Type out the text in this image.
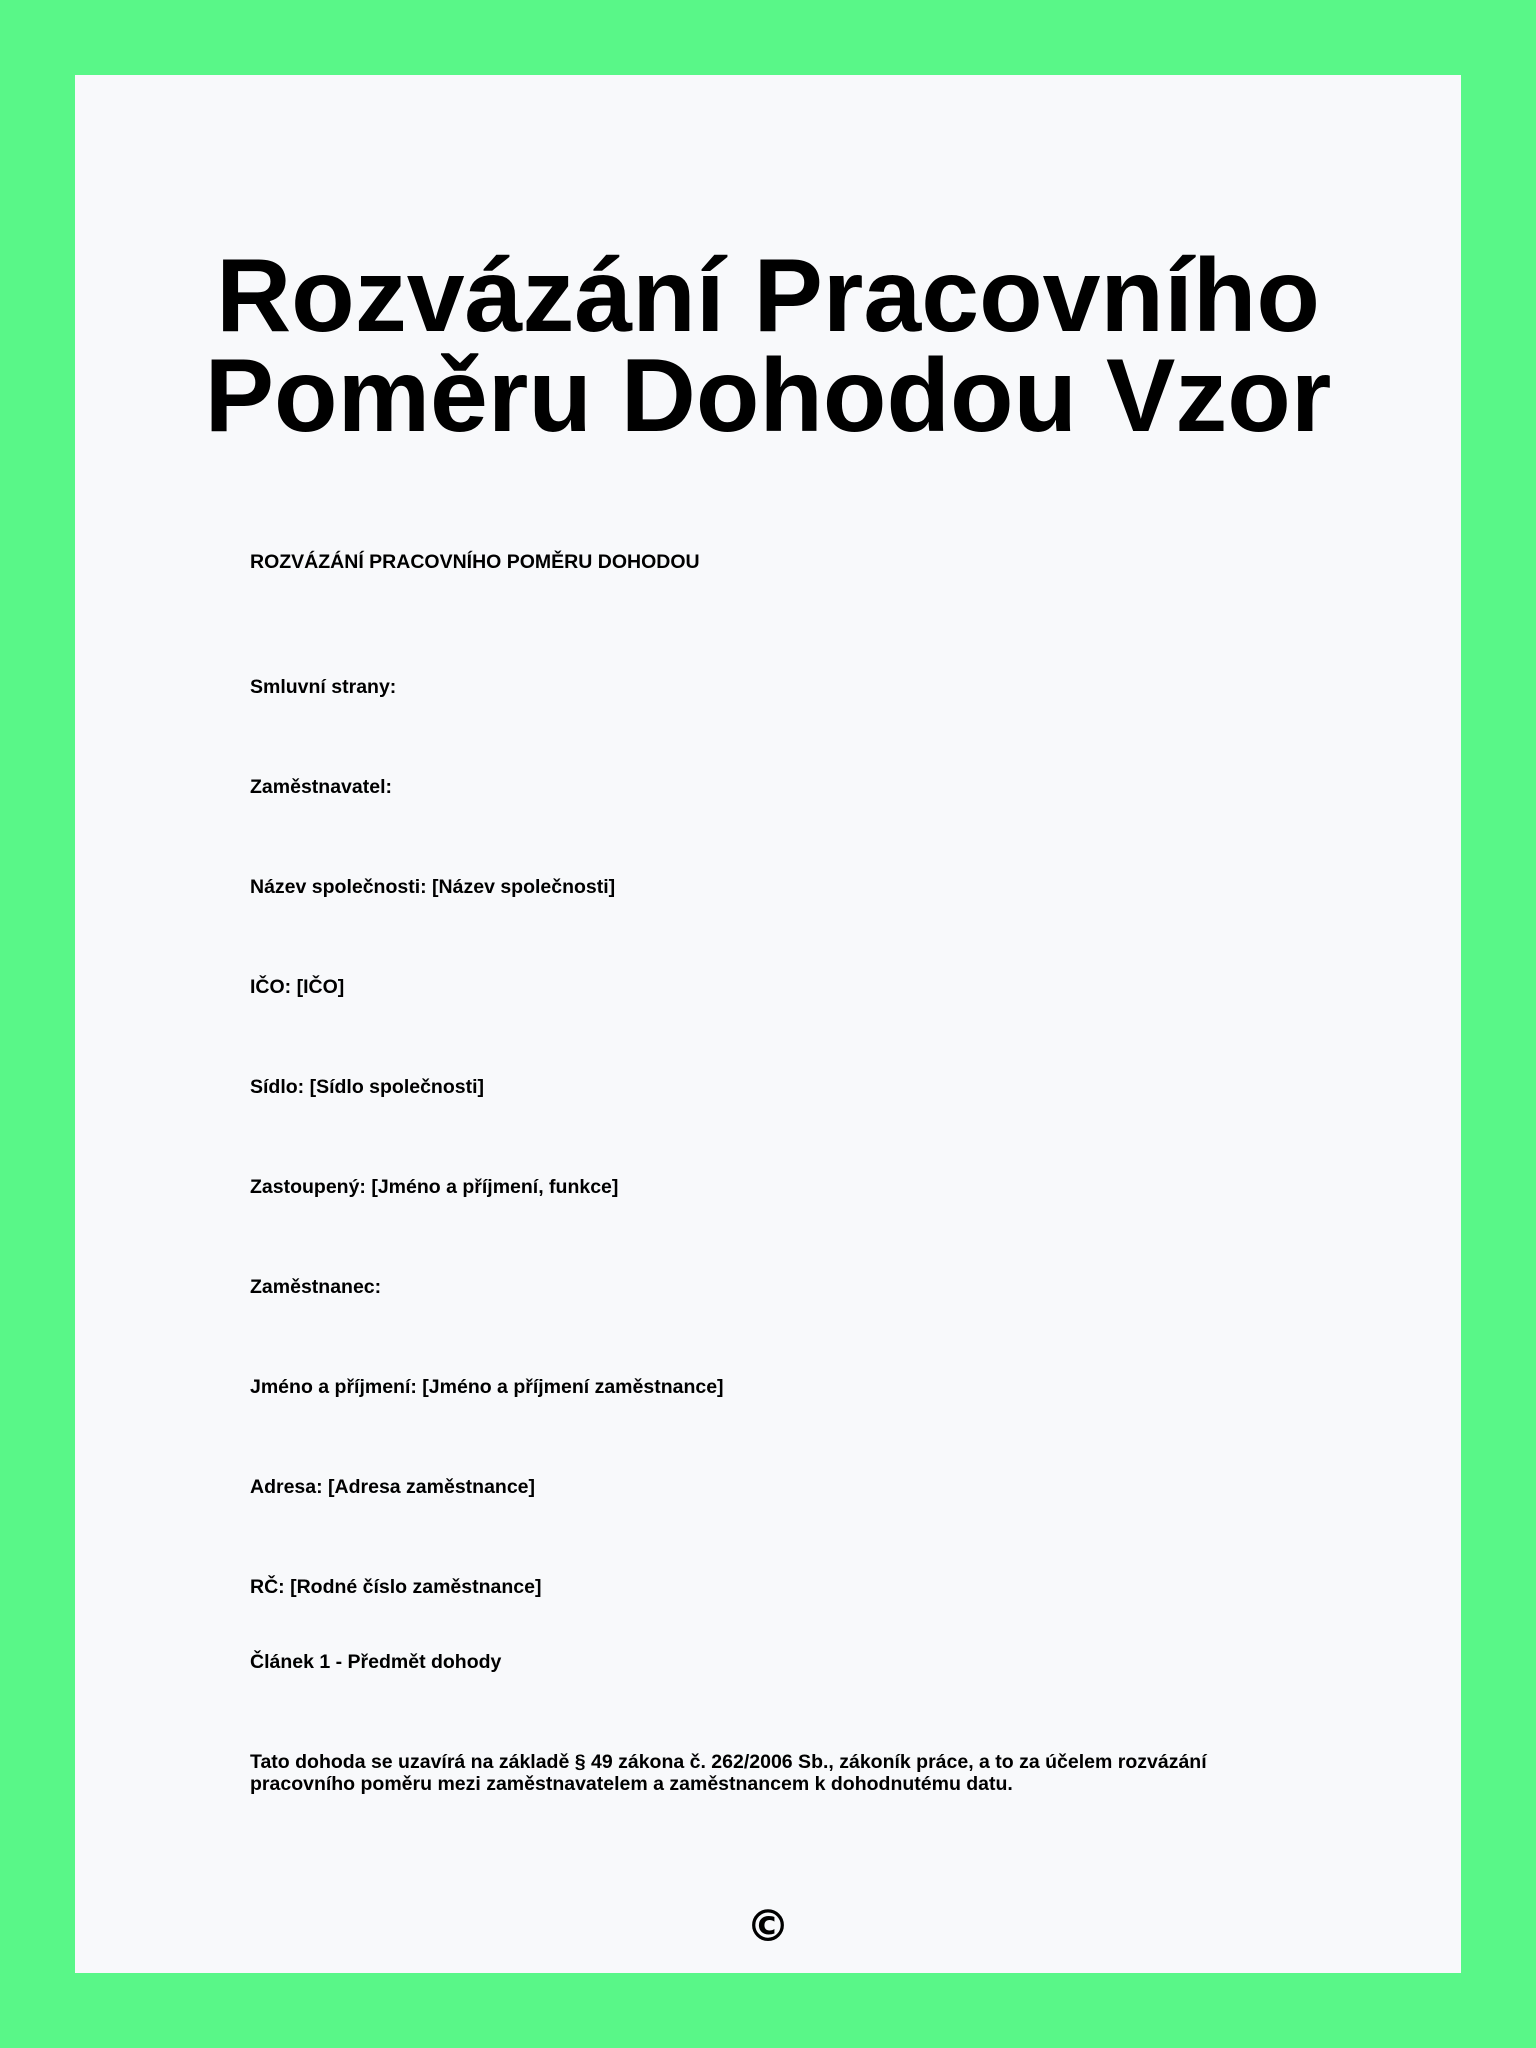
Rozvázání Pracovního
Poměru Dohodou Vzor

ROZVÁZÁNÍ PRACOVNÍHO POMĚRU DOHODOU

Smluvní strany:

Zaměstnavatel:

Název společnosti: [Název společnosti]

IČO: [IČO]

Sídlo: [Sídlo společnosti]

Zastoupený: [Jméno a příjmení, funkce]

Zaměstnanec:

Jméno a příjmení: [Jméno a příjmení zaměstnance]

Adresa: [Adresa zaměstnance]

RČ: [Rodné číslo zaměstnance]

Článek 1 - Předmět dohody

Tato dohoda se uzavírá na základě § 49 zákona č. 262/2006 Sb., zákoník práce, a to za účelem rozvázání pracovního poměru mezi zaměstnavatelem a zaměstnancem k dohodnutému datu.

©
